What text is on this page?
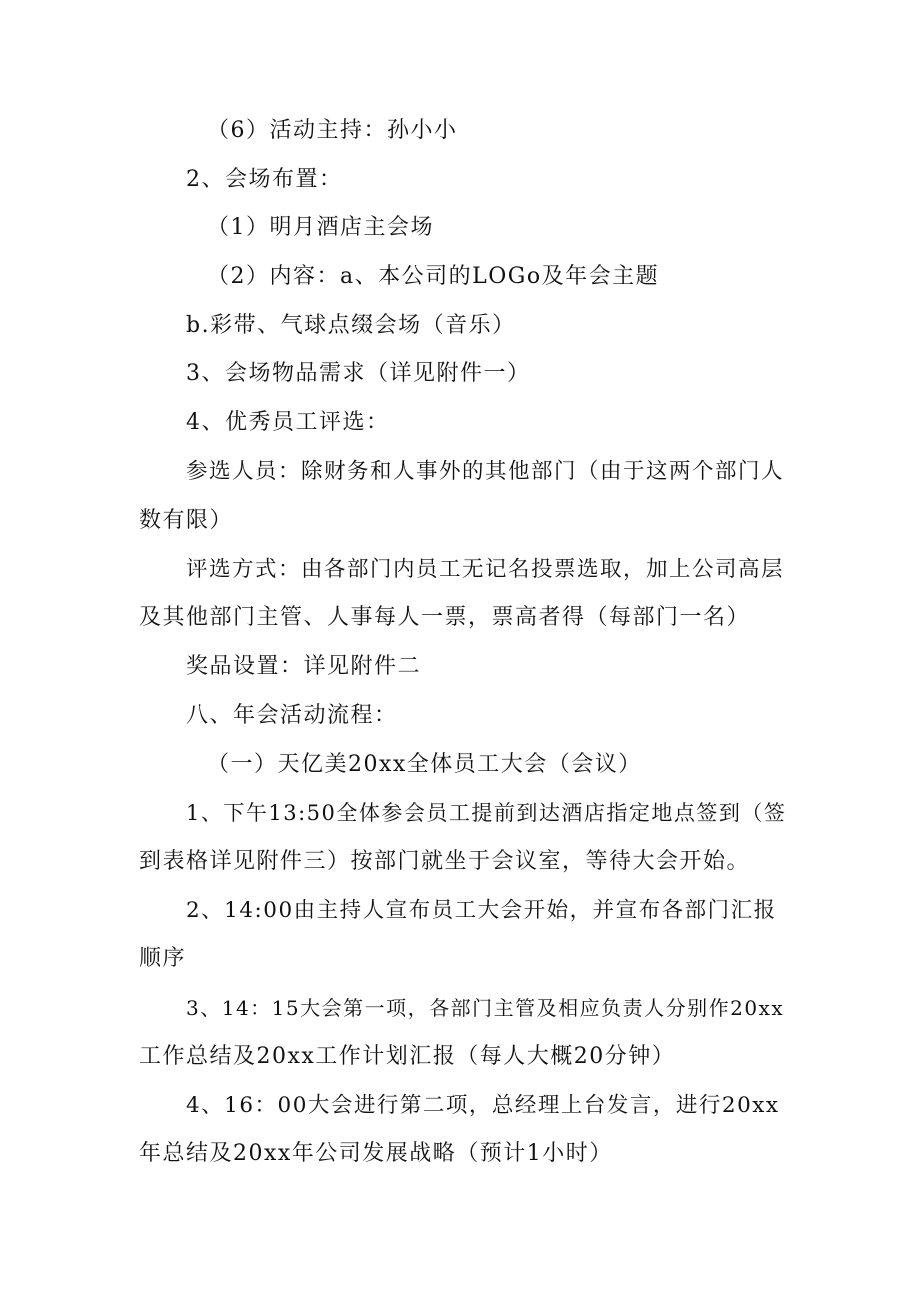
（6）活动主持：孙小小
2、会场布置：
（1）明月酒店主会场
（2）内容：a、本公司的LOGo及年会主题
b.彩带、气球点缀会场（音乐）
3、会场物品需求（详见附件一）
4、优秀员工评选：
参选人员：除财务和人事外的其他部门（由于这两个部门人
数有限）
评选方式：由各部门内员工无记名投票选取，加上公司高层
及其他部门主管、人事每人一票，票高者得（每部门一名）
奖品设置：详见附件二
八、年会活动流程：
（一）天亿美20xx全体员工大会（会议）
1、下午13:50全体参会员工提前到达酒店指定地点签到（签
到表格详见附件三）按部门就坐于会议室，等待大会开始。
2、14:00由主持人宣布员工大会开始，并宣布各部门汇报
顺序
3、14：15大会第一项，各部门主管及相应负责人分别作20xx
工作总结及20xx工作计划汇报（每人大概20分钟）
4、16：00大会进行第二项，总经理上台发言，进行20xx
年总结及20xx年公司发展战略（预计1小时）
